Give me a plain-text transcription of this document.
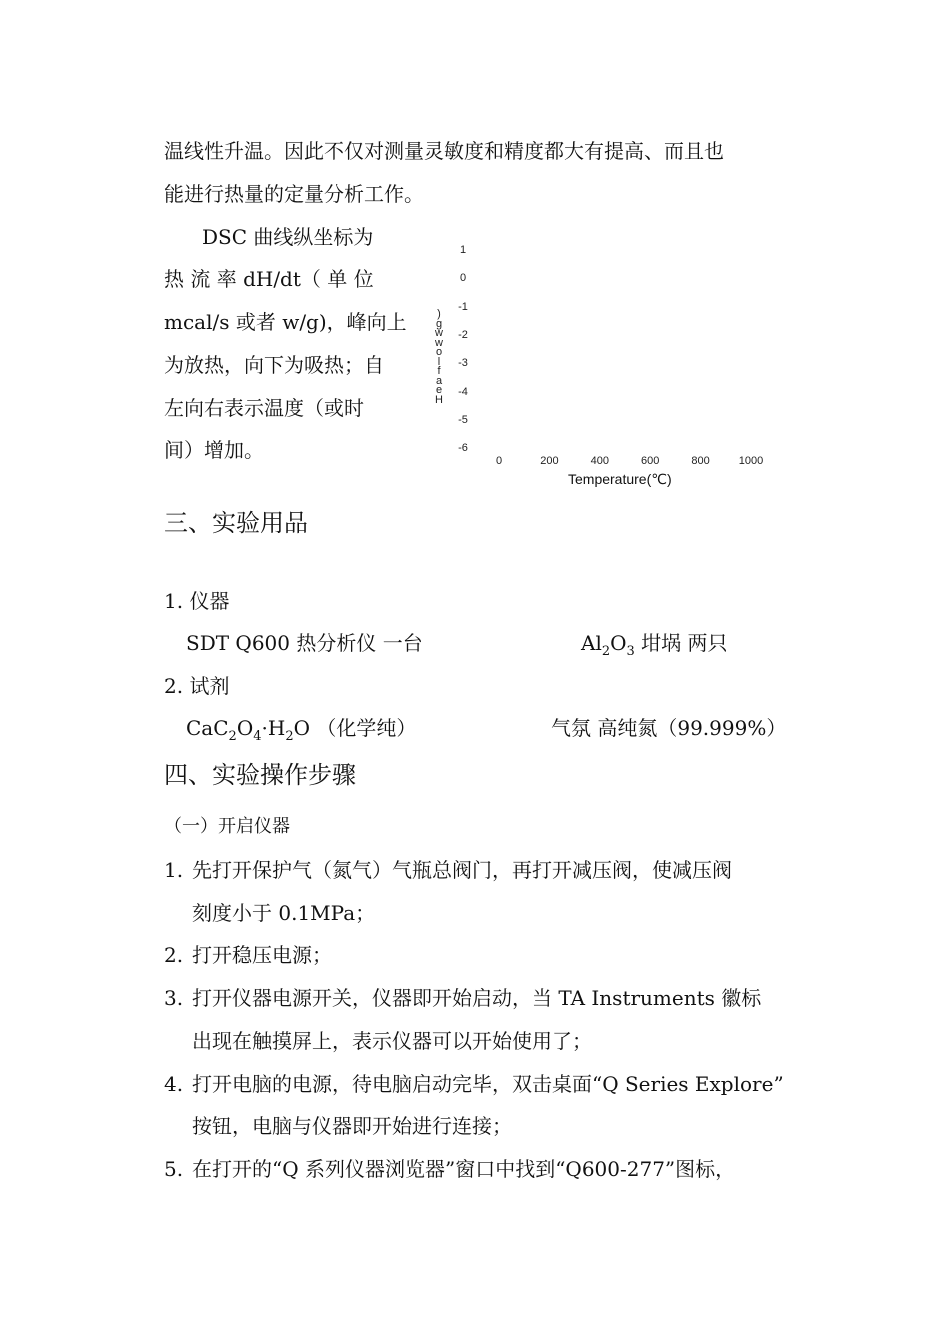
温线性升温。因此不仅对测量灵敏度和精度都大有提高、而且也
能进行热量的定量分析工作。
DSC 曲线纵坐标为
热 流 率 dH/dt（ 单 位
mcal/s 或者 w/g)，峰向上
为放热，向下为吸热；自
左向右表示温度（或时
间）增加。
)
g
w
w
o
l
f
a
e
H
1
0
-1
-2
-3
-4
-5
-6
0	200	400	600	800	1000
Temperature(℃)
三、实验用品
1. 仪器
SDT Q600 热分析仪 一台	$Al_2O_3$ 坩埚 两只
2. 试剂
$CaC_2O_4\cdot H_2O$ （化学纯）	气氛 高纯氮（99.999%）
四、实验操作步骤
（一）开启仪器
1. 先打开保护气（氮气）气瓶总阀门，再打开减压阀，使减压阀
刻度小于 0.1MPa；
2. 打开稳压电源；
3. 打开仪器电源开关，仪器即开始启动，当 TA Instruments 徽标
出现在触摸屏上，表示仪器可以开始使用了；
4. 打开电脑的电源，待电脑启动完毕，双击桌面“Q Series Explore”
按钮，电脑与仪器即开始进行连接；
5. 在打开的“Q 系列仪器浏览器”窗口中找到“Q600-277”图标，
